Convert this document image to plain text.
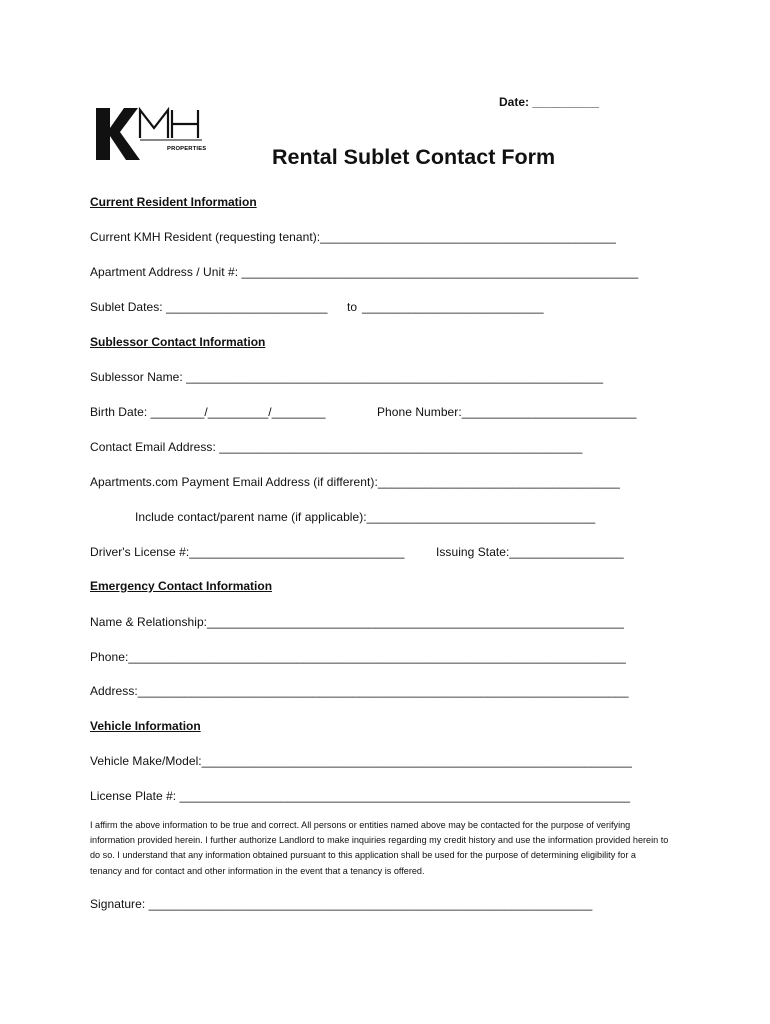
Date: __________
PROPERTIES	Rental Sublet Contact Form
Current Resident Information
Current KMH Resident (requesting tenant):____________________________________________
Apartment Address / Unit #: ___________________________________________________________
Sublet Dates: ________________________ to ___________________________
Sublessor Contact Information
Sublessor Name: ______________________________________________________________
Birth Date: ________/_________/________	Phone Number:__________________________
Contact Email Address: ______________________________________________________
Apartments.com Payment Email Address (if different):____________________________________
Include contact/parent name (if applicable):__________________________________
Driver's License #:________________________________	Issuing State:_________________
Emergency Contact Information
Name & Relationship:______________________________________________________________
Phone:__________________________________________________________________________
Address:_________________________________________________________________________
Vehicle Information
Vehicle Make/Model:________________________________________________________________
License Plate #: ___________________________________________________________________
I affirm the above information to be true and correct. All persons or entities named above may be contacted for the purpose of verifying information provided herein. I further authorize Landlord to make inquiries regarding my credit history and use the information provided herein to do so. I understand that any information obtained pursuant to this application shall be used for the purpose of determining eligibility for a tenancy and for contact and other information in the event that a tenancy is offered.
Signature: __________________________________________________________________
